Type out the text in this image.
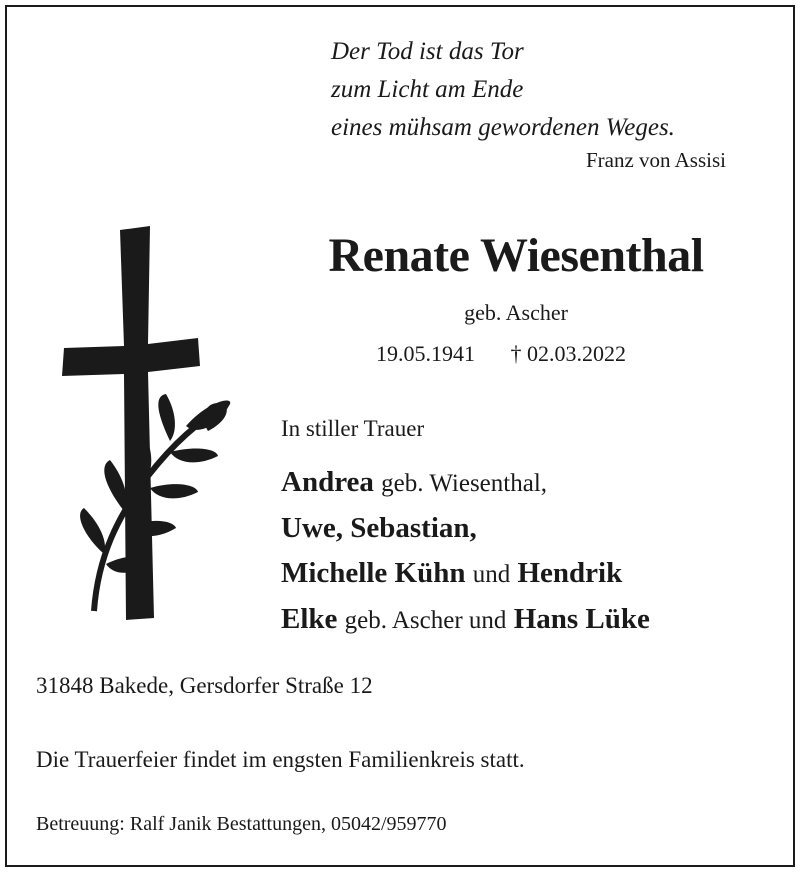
Der Tod ist das Tor
zum Licht am Ende
eines mühsam gewordenen Weges.
Franz von Assisi
Renate Wiesenthal
geb. Ascher
19.05.1941 † 02.03.2022
In stiller Trauer
Andrea geb. Wiesenthal,
Uwe, Sebastian,
Michelle Kühn und Hendrik
Elke geb. Ascher und Hans Lüke
31848 Bakede, Gersdorfer Straße 12
Die Trauerfeier findet im engsten Familienkreis statt.
Betreuung: Ralf Janik Bestattungen, 05042/959770
